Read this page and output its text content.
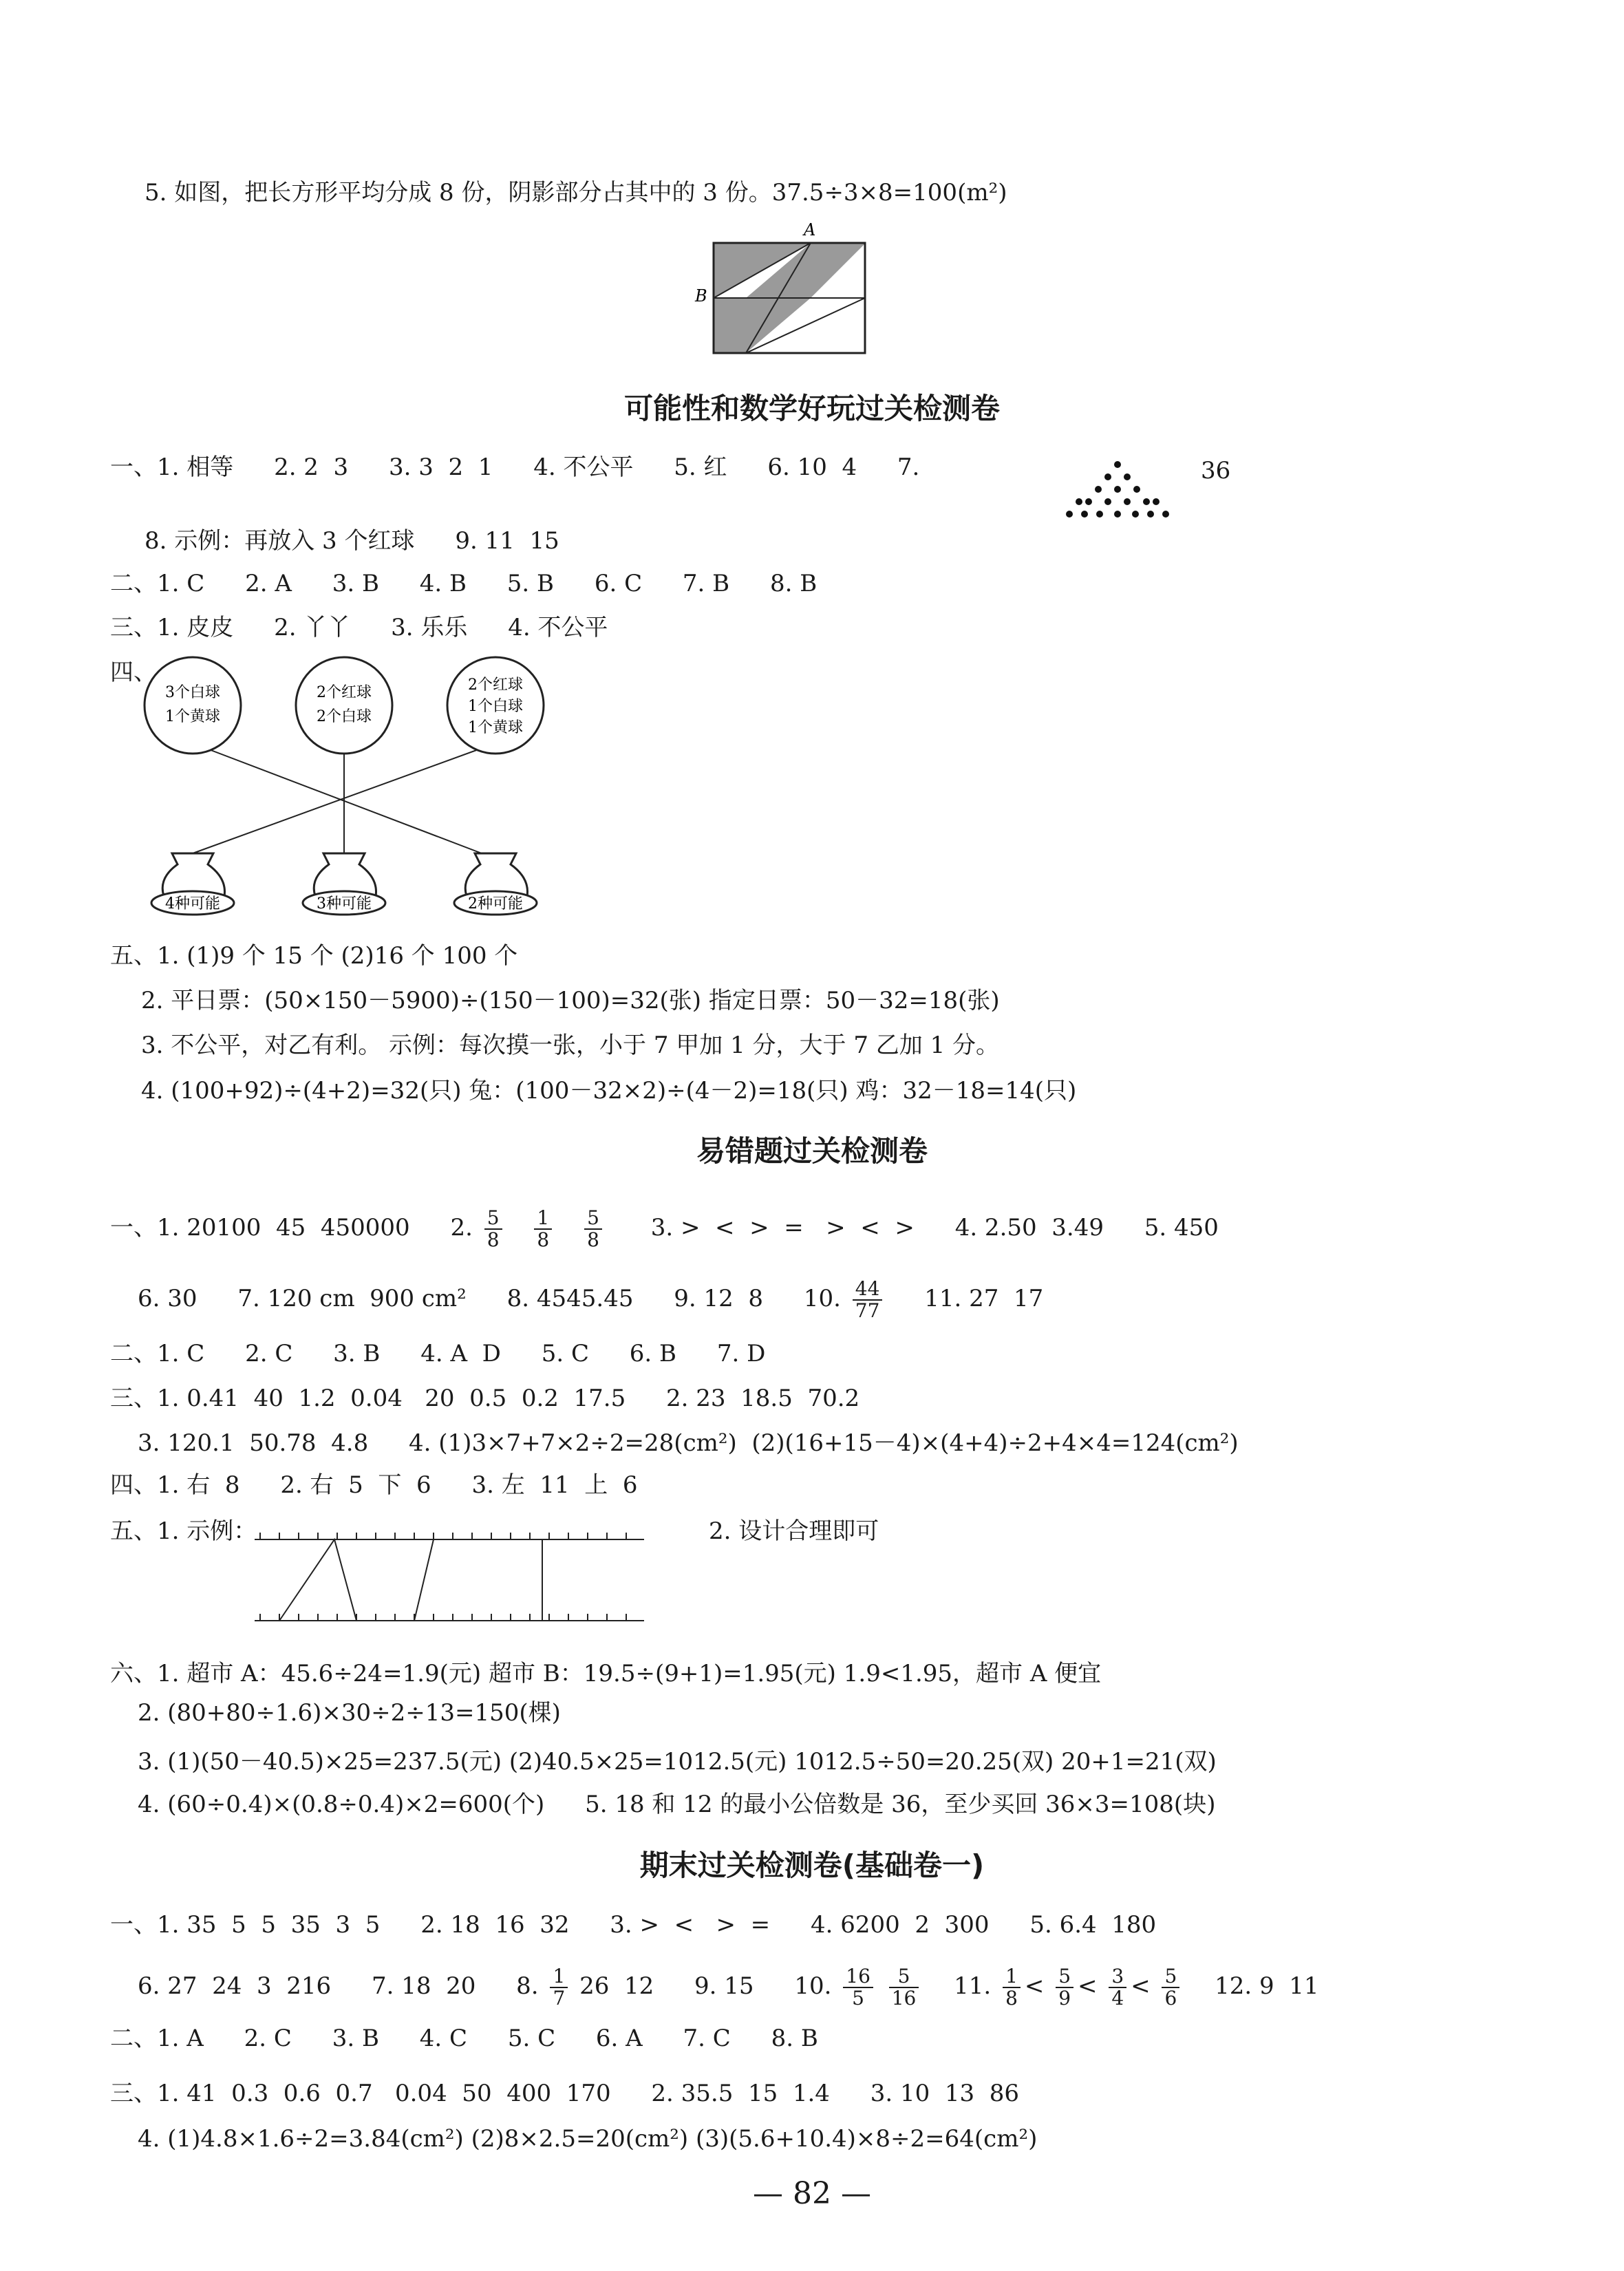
5. 如图，把长方形平均分成 8 份，阴影部分占其中的 3 份。37.5÷3×8=100(m²)
A
B
可能性和数学好玩过关检测卷
一、1. 相等 2. 2  3 3. 3  2  1 4. 不公平 5. 红 6. 10  4 7.	36
8. 示例：再放入 3 个红球 9. 11  15
二、1. C 2. A 3. B 4. B 5. B 6. C 7. B 8. B
三、1. 皮皮 2. 丫丫 3. 乐乐 4. 不公平
四、
3个白球
1个黄球
2个红球
2个白球
2个红球
1个白球
1个黄球
4种可能	3种可能	2种可能
五、1. (1)9 个 15 个 (2)16 个 100 个
2. 平日票：(50×150－5900)÷(150－100)=32(张) 指定日票：50－32=18(张)
3. 不公平，对乙有利。 示例：每次摸一张，小于 7 甲加 1 分，大于 7 乙加 1 分。
4. (100+92)÷(4+2)=32(只) 兔：(100－32×2)÷(4－2)=18(只) 鸡：32－18=14(只)
易错题过关检测卷
一、1. 20100  45  450000 2. $\frac{5}{8}$
$\frac{1}{8}$
$\frac{5}{8} 3$. >  <  >  =   >  <  > 4. 2.50  3.49 5. 450
6. 30 7. 120 cm  900 cm² 8. 4545.45 9. 12  8 10. $\frac{44}{77} 11$. 27  17
二、1. C 2. C 3. B 4. A  D 5. C 6. B 7. D
三、1. 0.41  40  1.2  0.04   20  0.5  0.2  17.5 2. 23  18.5  70.2
3. 120.1  50.78  4.8 4. (1)3×7+7×2÷2=28(cm²)  (2)(16+15－4)×(4+4)÷2+4×4=124(cm²)
四、1. 右  8 2. 右  5  下  6 3. 左  11  上  6
五、1. 示例：	2. 设计合理即可
六、1. 超市 A：45.6÷24=1.9(元) 超市 B：19.5÷(9+1)=1.95(元) 1.9<1.95，超市 A 便宜
2. (80+80÷1.6)×30÷2÷13=150(棵)
3. (1)(50－40.5)×25=237.5(元) (2)40.5×25=1012.5(元) 1012.5÷50=20.25(双) 20+1=21(双)
4. (60÷0.4)×(0.8÷0.4)×2=600(个) 5. 18 和 12 的最小公倍数是 36，至少买回 36×3=108(块)
期末过关检测卷(基础卷一)
一、1. 35  5  5  35  3  5 2. 18  16  32 3. >  <   >  = 4. 6200  2  300 5. 6.4  180
6. 27  24  3  216 7. 18  20 8. $\frac{1}{7} 26$  12 9. 15 10. $\frac{16}{5}$
$\frac{5}{16} 11$. $\frac{1}{8} < \frac{5}{9} < \frac{3}{4} < \frac{5}{6} 12$. 9  11
二、1. A 2. C 3. B 4. C 5. C 6. A 7. C 8. B
三、1. 41  0.3  0.6  0.7   0.04  50  400  170 2. 35.5  15  1.4 3. 10  13  86
4. (1)4.8×1.6÷2=3.84(cm²) (2)8×2.5=20(cm²) (3)(5.6+10.4)×8÷2=64(cm²)
— 82 —
